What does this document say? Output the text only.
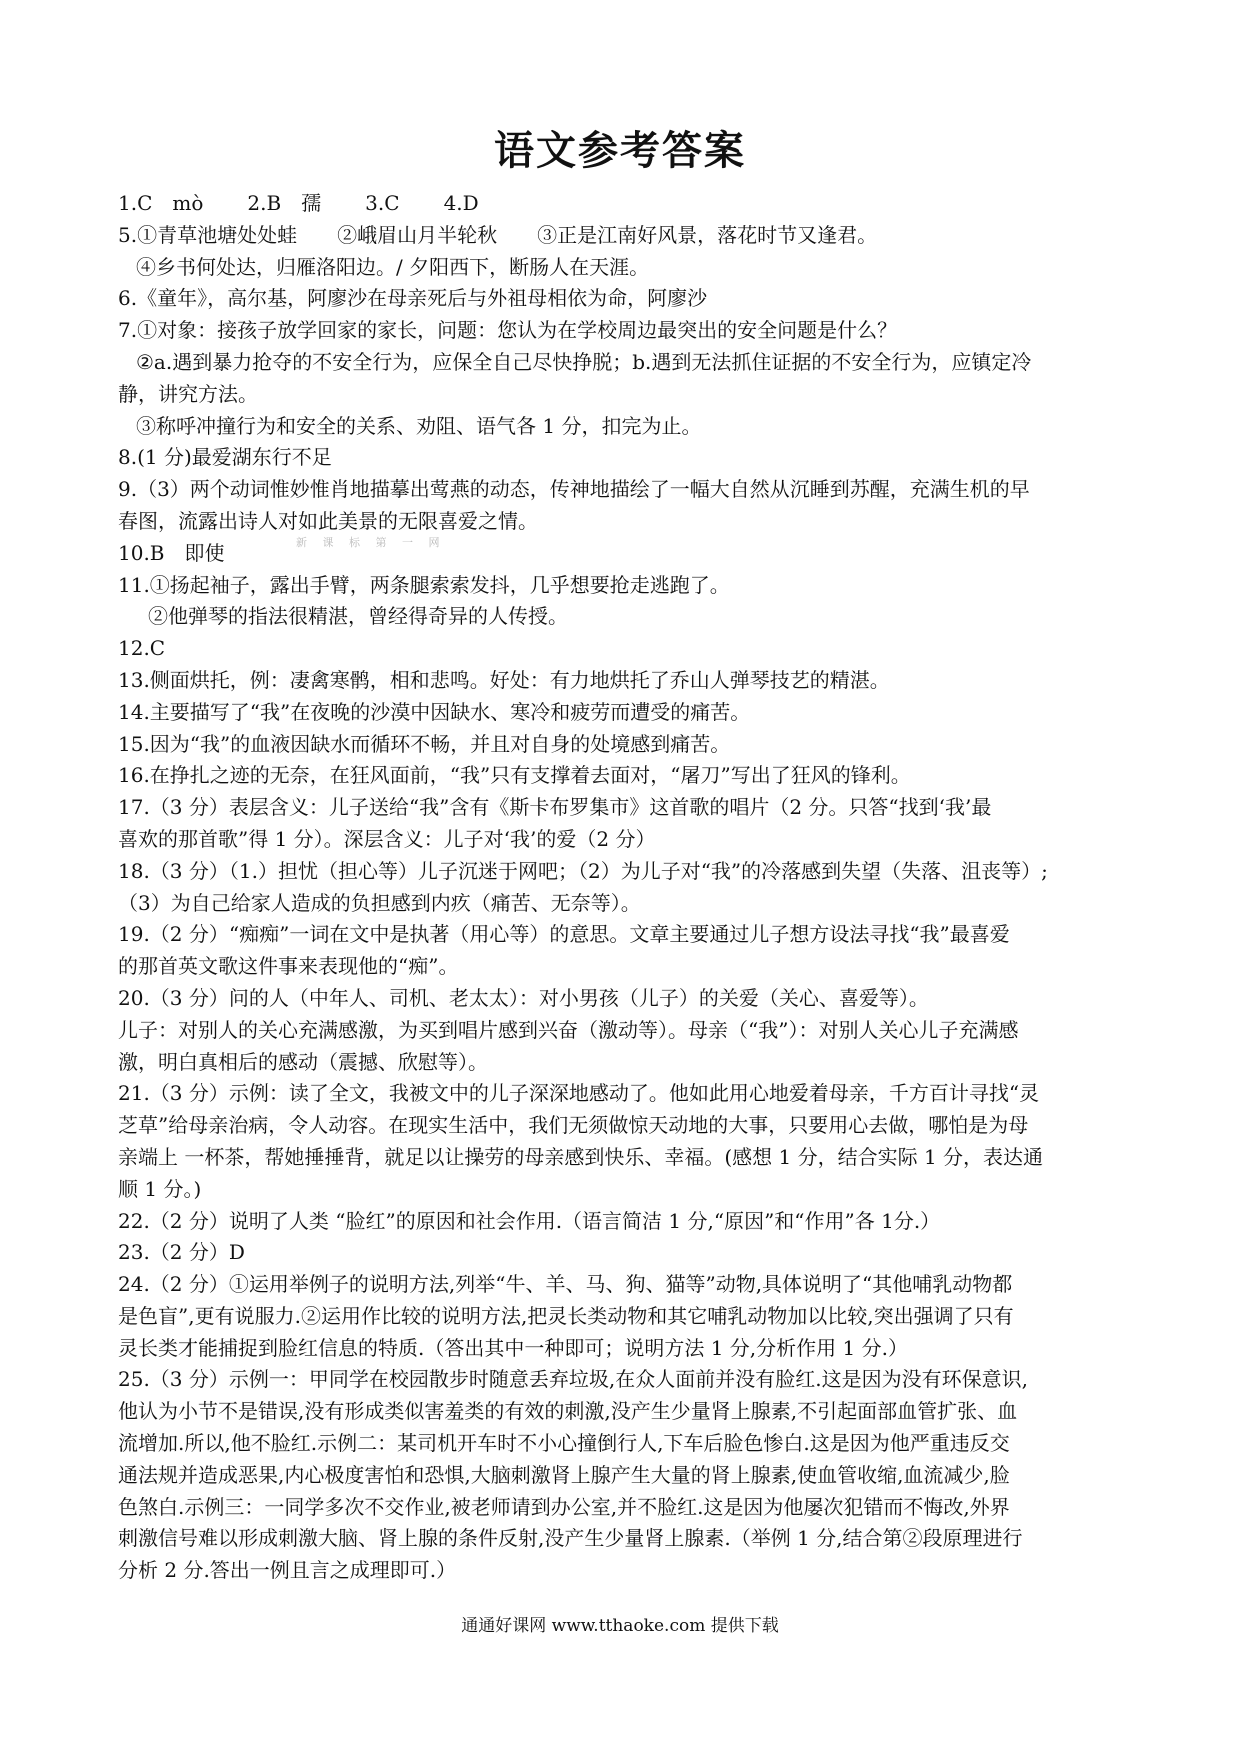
语文参考答案

1.C　mò 2.B　孺 3.C 4.D

5.①青草池塘处处蛙　　②峨眉山月半轮秋　　③正是江南好风景，落花时节又逢君。

④乡书何处达，归雁洛阳边。/ 夕阳西下，断肠人在天涯。

6.《童年》，高尔基，阿廖沙在母亲死后与外祖母相依为命，阿廖沙

7.①对象：接孩子放学回家的家长，问题：您认为在学校周边最突出的安全问题是什么？

②a.遇到暴力抢夺的不安全行为，应保全自己尽快挣脱；b.遇到无法抓住证据的不安全行为，应镇定冷

静，讲究方法。

③称呼冲撞行为和安全的关系、劝阻、语气各 1 分，扣完为止。

8.(1 分)最爱湖东行不足

9.（3）两个动词惟妙惟肖地描摹出莺燕的动态，传神地描绘了一幅大自然从沉睡到苏醒，充满生机的早

春图，流露出诗人对如此美景的无限喜爱之情。

10.B　即使

11.①扬起袖子，露出手臂，两条腿索索发抖，几乎想要抢走逃跑了。

②他弹琴的指法很精湛，曾经得奇异的人传授。

12.C

13.侧面烘托，例：凄禽寒鹘，相和悲鸣。好处：有力地烘托了乔山人弹琴技艺的精湛。

14.主要描写了“我”在夜晚的沙漠中因缺水、寒冷和疲劳而遭受的痛苦。

15.因为“我”的血液因缺水而循环不畅，并且对自身的处境感到痛苦。

16.在挣扎之迹的无奈，在狂风面前，“我”只有支撑着去面对，“屠刀”写出了狂风的锋利。

17.（3 分）表层含义：儿子送给“我”含有《斯卡布罗集市》这首歌的唱片（2 分。只答“找到‘我’最

喜欢的那首歌”得 1 分）。深层含义：儿子对‘我’的爱（2 分）

18.（3 分）（1.）担忧（担心等）儿子沉迷于网吧；（2）为儿子对“我”的冷落感到失望（失落、沮丧等）;

（3）为自己给家人造成的负担感到内疚（痛苦、无奈等）。

19.（2 分）“痴痴”一词在文中是执著（用心等）的意思。文章主要通过儿子想方设法寻找“我”最喜爱

的那首英文歌这件事来表现他的“痴”。

20.（3 分）问的人（中年人、司机、老太太）：对小男孩（儿子）的关爱（关心、喜爱等）。

儿子：对别人的关心充满感激，为买到唱片感到兴奋（激动等）。母亲（“我”）：对别人关心儿子充满感

激，明白真相后的感动（震撼、欣慰等）。

21.（3 分）示例：读了全文，我被文中的儿子深深地感动了。他如此用心地爱着母亲，千方百计寻找“灵

芝草”给母亲治病，令人动容。在现实生活中，我们无须做惊天动地的大事，只要用心去做，哪怕是为母

亲端上 一杯茶，帮她捶捶背，就足以让操劳的母亲感到快乐、幸福。(感想 1 分，结合实际 1 分，表达通

顺 1 分。)

22.（2 分）说明了人类 “脸红”的原因和社会作用.（语言简洁 1 分,“原因”和“作用”各 1分.）

23.（2 分）D

24.（2 分）①运用举例子的说明方法,列举“牛、羊、马、狗、猫等”动物,具体说明了“其他哺乳动物都

是色盲”,更有说服力.②运用作比较的说明方法,把灵长类动物和其它哺乳动物加以比较,突出强调了只有

灵长类才能捕捉到脸红信息的特质.（答出其中一种即可；说明方法 1 分,分析作用 1 分.）

25.（3 分）示例一：甲同学在校园散步时随意丢弃垃圾,在众人面前并没有脸红.这是因为没有环保意识,

他认为小节不是错误,没有形成类似害羞类的有效的刺激,没产生少量肾上腺素,不引起面部血管扩张、血

流增加.所以,他不脸红.示例二：某司机开车时不小心撞倒行人,下车后脸色惨白.这是因为他严重违反交

通法规并造成恶果,内心极度害怕和恐惧,大脑刺激肾上腺产生大量的肾上腺素,使血管收缩,血流减少,脸

色煞白.示例三：一同学多次不交作业,被老师请到办公室,并不脸红.这是因为他屡次犯错而不悔改,外界

刺激信号难以形成刺激大脑、肾上腺的条件反射,没产生少量肾上腺素.（举例 1 分,结合第②段原理进行

分析 2 分.答出一例且言之成理即可.）

新 课 标 第 一 网
通通好课网 www.tthaoke.com 提供下载
